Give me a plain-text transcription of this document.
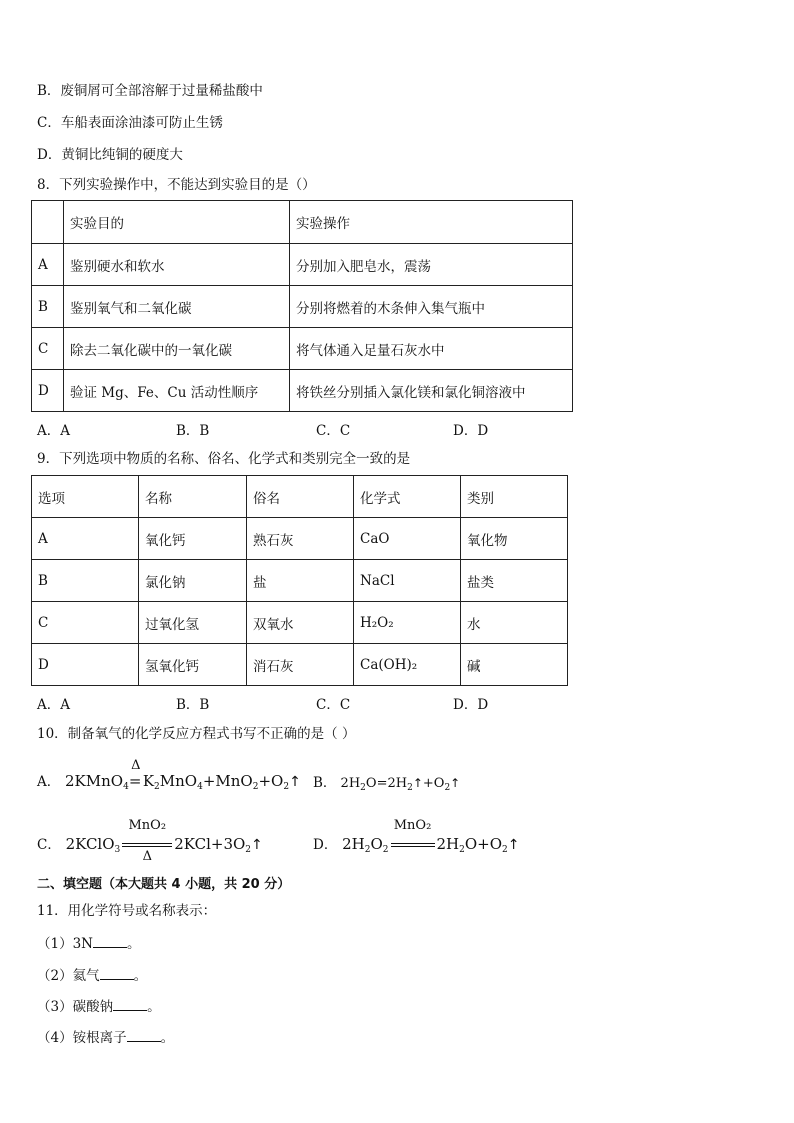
B．废铜屑可全部溶解于过量稀盐酸中
C．车船表面涂油漆可防止生锈
D．黄铜比纯铜的硬度大
8．下列实验操作中，不能达到实验目的是（）
	实验目的	实验操作
A	鉴别硬水和软水	分别加入肥皂水，震荡
B	鉴别氧气和二氧化碳	分别将燃着的木条伸入集气瓶中
C	除去二氧化碳中的一氧化碳	将气体通入足量石灰水中
D	验证 Mg、Fe、Cu 活动性顺序	将铁丝分别插入氯化镁和氯化铜溶液中
A．A	B．B	C．C	D．D
9．下列选项中物质的名称、俗名、化学式和类别完全一致的是
选项	名称	俗名	化学式	类别
A	氧化钙	熟石灰	CaO	氧化物
B	氯化钠	盐	NaCl	盐类
C	过氧化氢	双氧水	H₂O₂	水
D	氢氧化钙	消石灰	Ca(OH)₂	碱
A．A	B．B	C．C	D．D
10．制备氧气的化学反应方程式书写不正确的是（ ）
A． 2KMnO$_4$
Δ
$=K_2MnO_4+MnO_2+O_2↑$ B． $2H_2O=2H_2↑+O_2↑$
C． 2KClO$_3$
MnO₂
Δ
$2KCl+3O_2↑$	D． $2H_2O_2$
MnO₂
$2H_2O+O_2↑$
二、填空题（本大题共 4 小题，共 20 分）
11．用化学符号或名称表示：
（1）3N	。
（2）氦气	。
（3）碳酸钠	。
（4）铵根离子	。
